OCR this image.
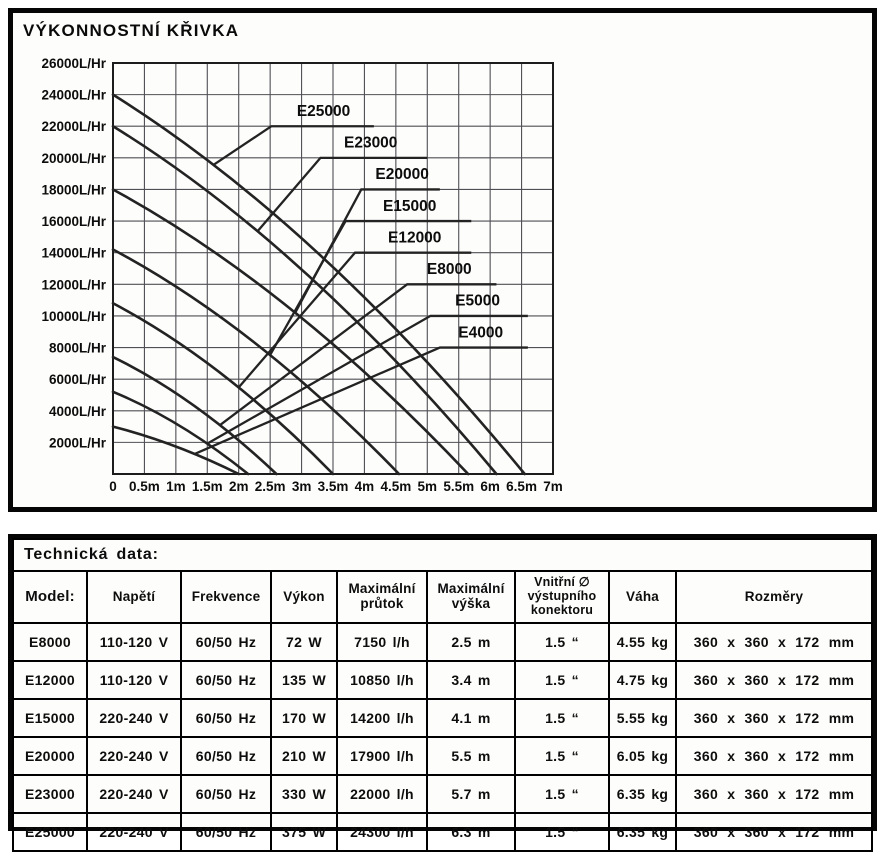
VÝKONNOSTNÍ KŘIVKA
26000L/Hr
24000L/Hr
22000L/Hr
20000L/Hr
18000L/Hr
16000L/Hr
14000L/Hr
12000L/Hr
10000L/Hr
8000L/Hr
6000L/Hr
4000L/Hr
2000L/Hr
0 0.5m 1m 1.5m 2m 2.5m 3m 3.5m 4m 4.5m 5m 5.5m 6m 6.5m 7m
E25000
E23000
E20000
E15000
E12000
E8000
E5000
E4000
Technická data:								
Model:	Napětí	Frekvence	Výkon	Maximální průtok	Maximální výška	Vnitřní ∅ výstupního konektoru	Váha	Rozměry
E8000	110-120 V	60/50 Hz	72 W	7150 l/h	2.5 m	1.5 “	4.55 kg	360 x 360 x 172 mm
E12000	110-120 V	60/50 Hz	135 W	10850 l/h	3.4 m	1.5 “	4.75 kg	360 x 360 x 172 mm
E15000	220-240 V	60/50 Hz	170 W	14200 l/h	4.1 m	1.5 “	5.55 kg	360 x 360 x 172 mm
E20000	220-240 V	60/50 Hz	210 W	17900 l/h	5.5 m	1.5 “	6.05 kg	360 x 360 x 172 mm
E23000	220-240 V	60/50 Hz	330 W	22000 l/h	5.7 m	1.5 “	6.35 kg	360 x 360 x 172 mm
E25000	220-240 V	60/50 Hz	375 W	24300 l/h	6.3 m	1.5 “	6.35 kg	360 x 360 x 172 mm
